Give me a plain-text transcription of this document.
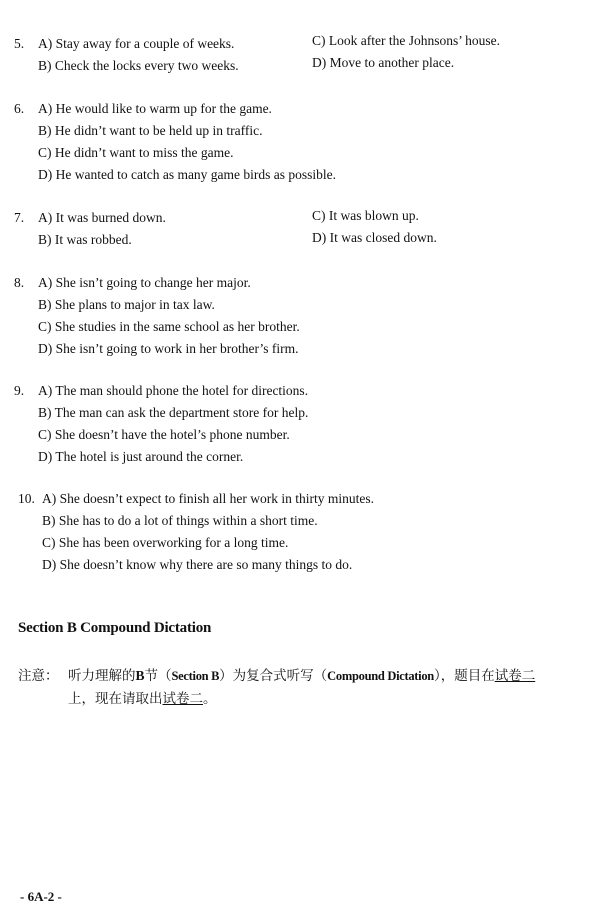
5. A) Stay away for a couple of weeks.	C) Look after the Johnsons’ house.
B) Check the locks every two weeks.	D) Move to another place.
6. A) He would like to warm up for the game.
B) He didn’t want to be held up in traffic.
C) He didn’t want to miss the game.
D) He wanted to catch as many game birds as possible.
7. A) It was burned down.	C) It was blown up.
B) It was robbed.	D) It was closed down.
8. A) She isn’t going to change her major.
B) She plans to major in tax law.
C) She studies in the same school as her brother.
D) She isn’t going to work in her brother’s firm.
9. A) The man should phone the hotel for directions.
B) The man can ask the department store for help.
C) She doesn’t have the hotel’s phone number.
D) The hotel is just around the corner.
10. A) She doesn’t expect to finish all her work in thirty minutes.
B) She has to do a lot of things within a short time.
C) She has been overworking for a long time.
D) She doesn’t know why there are so many things to do.
Section B Compound Dictation
注意： 听力理解的B节（Section B）为复合式听写（Compound Dictation），题目在试卷二
上，现在请取出试卷二。
- 6A-2 -
